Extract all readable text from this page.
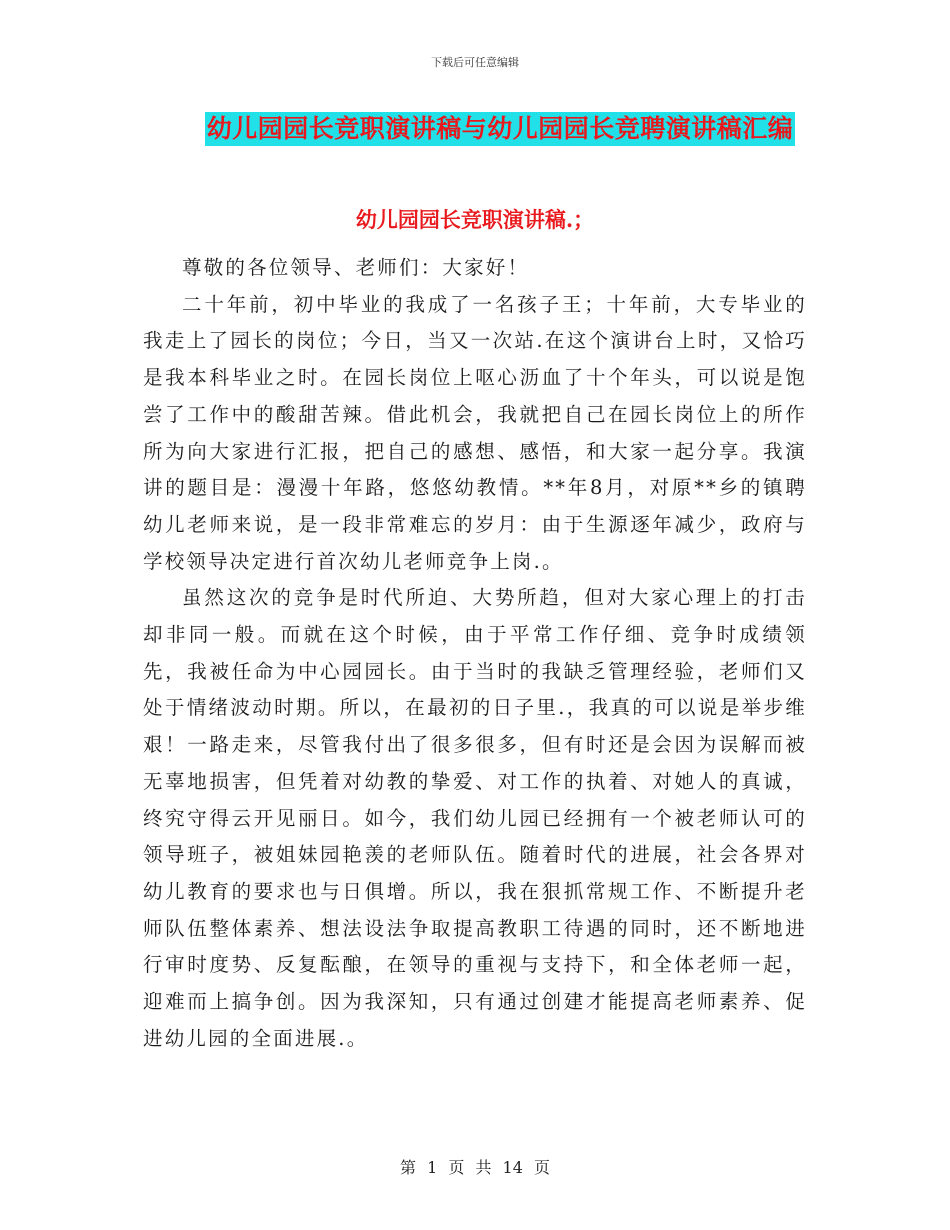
下载后可任意编辑
幼儿园园长竞职演讲稿与幼儿园园长竞聘演讲稿汇编
幼儿园园长竞职演讲稿.；

尊敬的各位领导、老师们：大家好！

二十年前，初中毕业的我成了一名孩子王；十年前，大专毕业的我走上了园长的岗位；今日，当又一次站.在这个演讲台上时，又恰巧是我本科毕业之时。在园长岗位上呕心沥血了十个年头，可以说是饱尝了工作中的酸甜苦辣。借此机会，我就把自己在园长岗位上的所作所为向大家进行汇报，把自己的感想、感悟，和大家一起分享。我演讲的题目是：漫漫十年路，悠悠幼教情。**年8月，对原**乡的镇聘幼儿老师来说，是一段非常难忘的岁月：由于生源逐年减少，政府与学校领导决定进行首次幼儿老师竞争上岗.。

虽然这次的竞争是时代所迫、大势所趋，但对大家心理上的打击却非同一般。而就在这个时候，由于平常工作仔细、竞争时成绩领先，我被任命为中心园园长。由于当时的我缺乏管理经验，老师们又处于情绪波动时期。所以，在最初的日子里.，我真的可以说是举步维艰！一路走来，尽管我付出了很多很多，但有时还是会因为误解而被无辜地损害，但凭着对幼教的挚爱、对工作的执着、对她人的真诚，终究守得云开见丽日。如今，我们幼儿园已经拥有一个被老师认可的领导班子，被姐妹园艳羡的老师队伍。随着时代的进展，社会各界对幼儿教育的要求也与日俱增。所以，我在狠抓常规工作、不断提升老师队伍整体素养、想法设法争取提高教职工待遇的同时，还不断地进行审时度势、反复酝酿，在领导的重视与支持下，和全体老师一起，迎难而上搞争创。因为我深知，只有通过创建才能提高老师素养、促进幼儿园的全面进展.。

第 1 页 共 14 页
